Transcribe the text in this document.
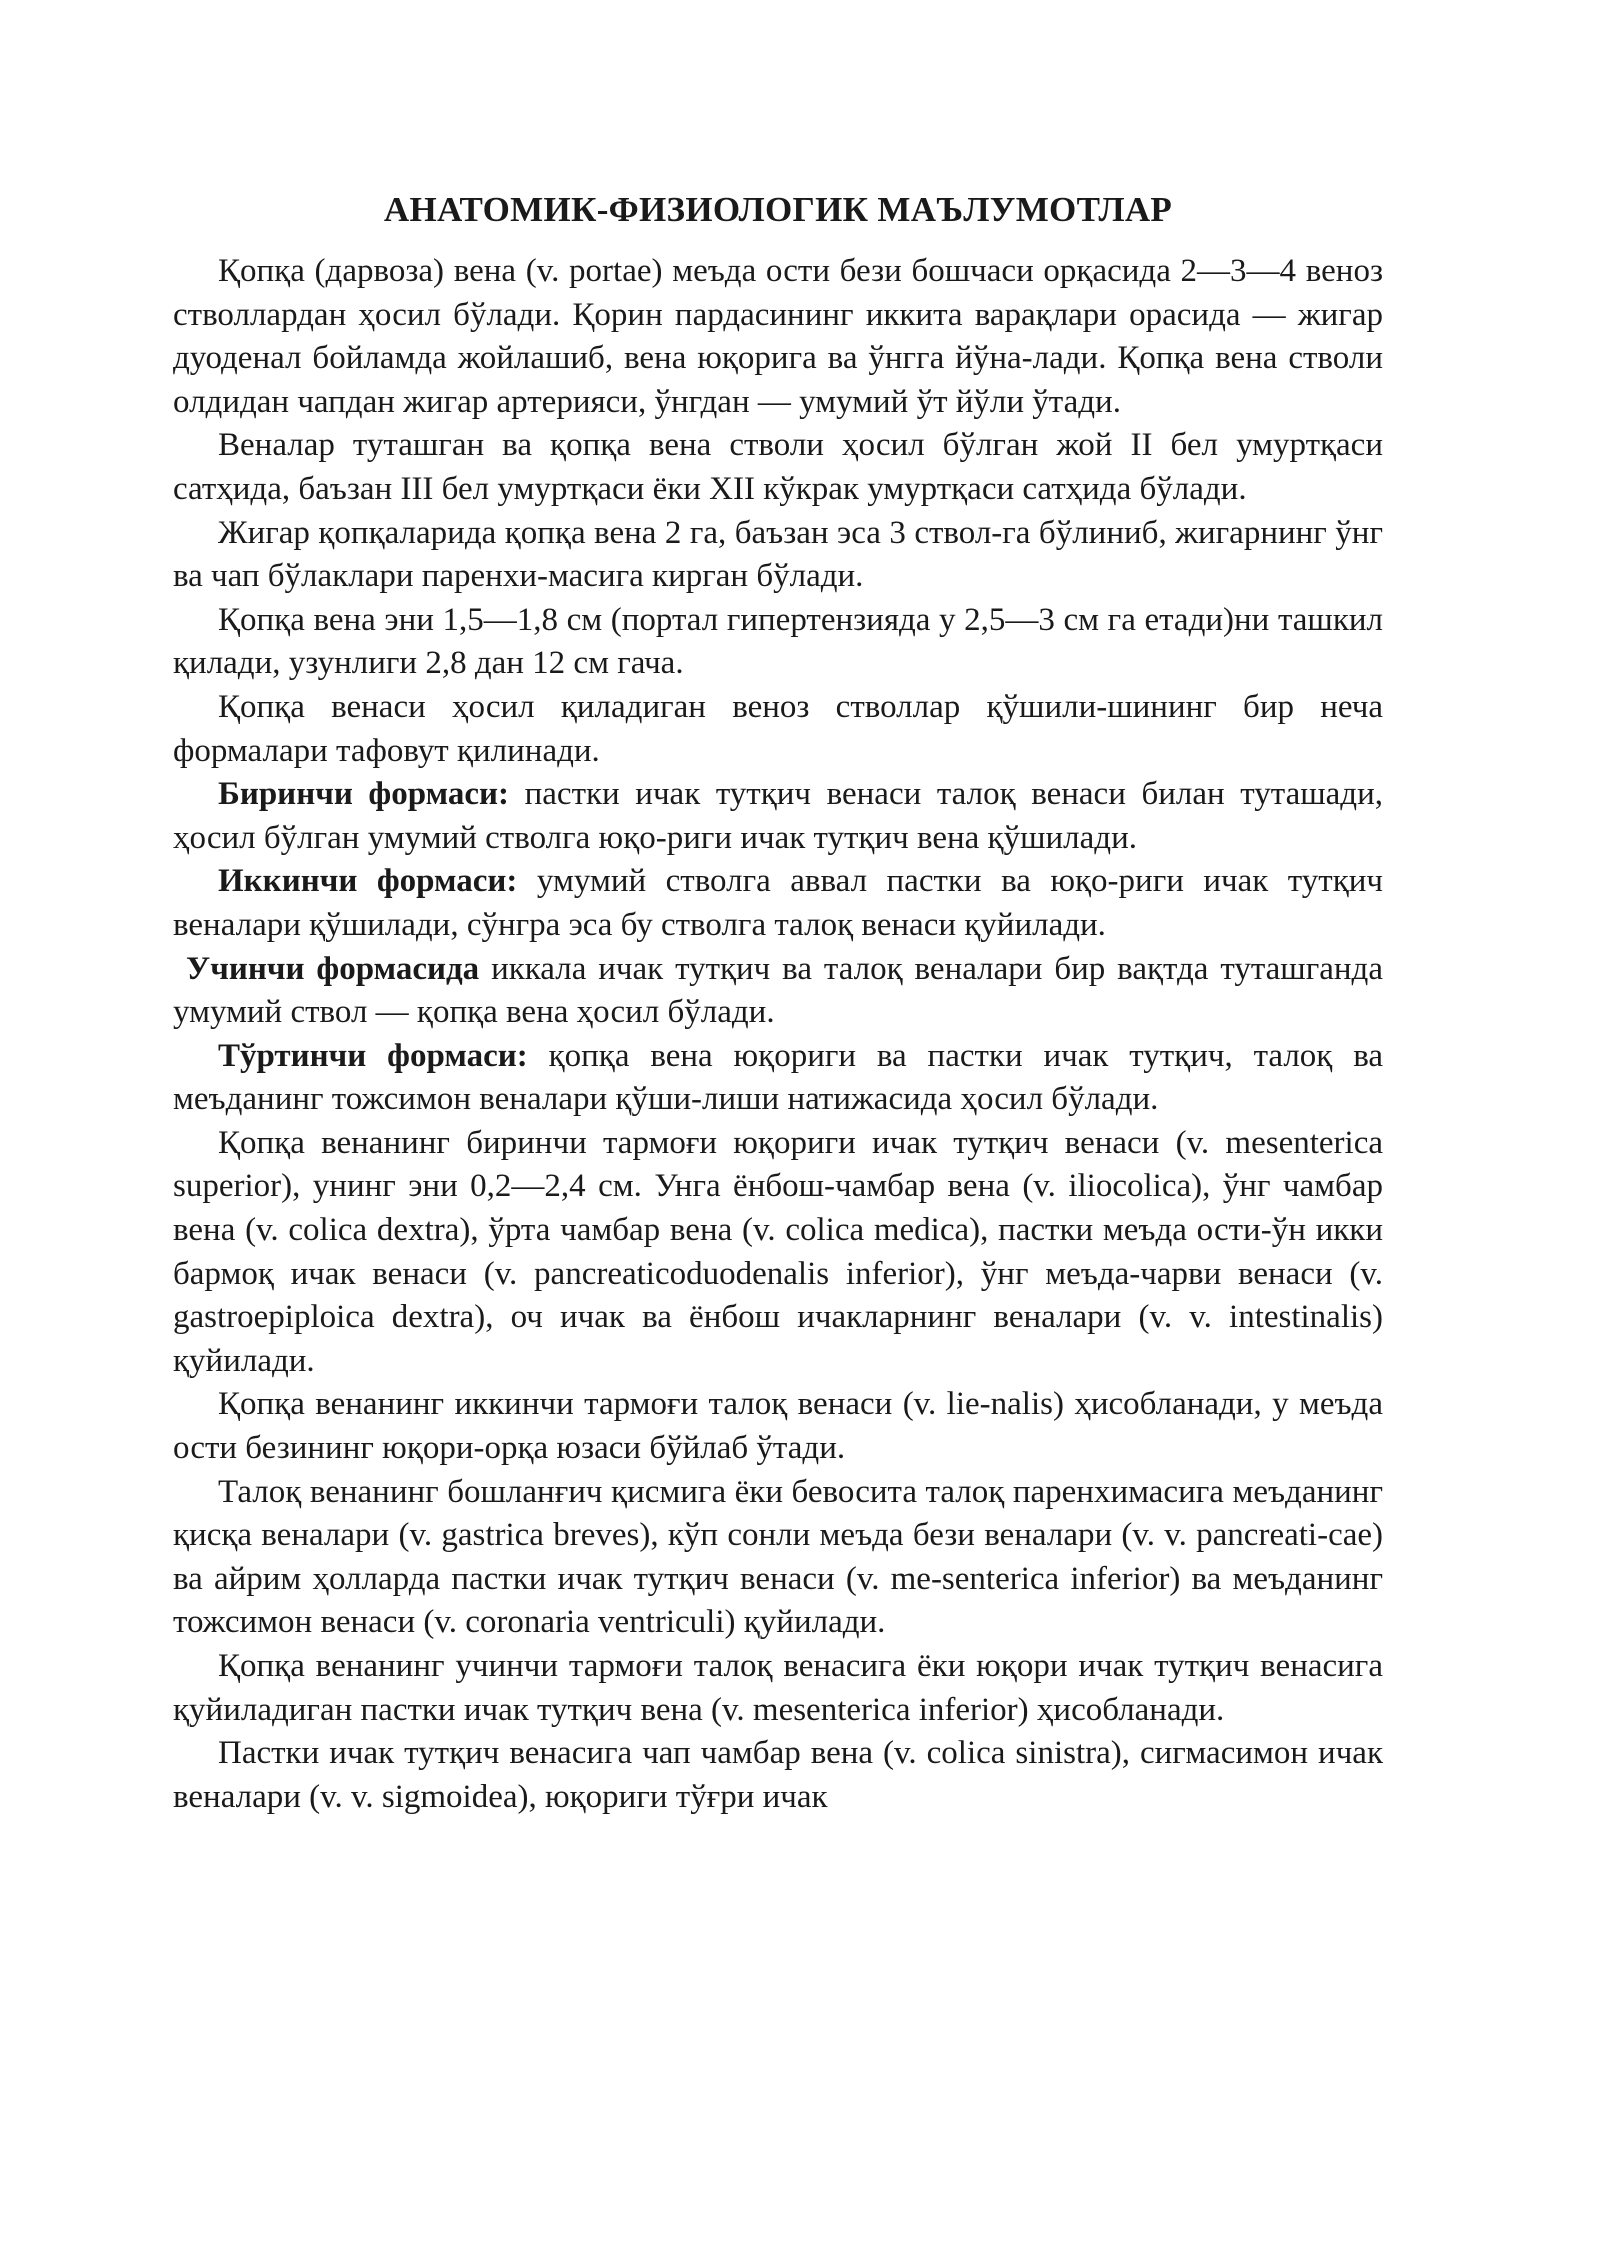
АНАТОМИК-ФИЗИОЛОГИК МАЪЛУМОТЛАР

Қопқа (дарвоза) вена (v. portae) меъда ости бези бошчаси орқасида 2—3—4 веноз стволлардан ҳосил бўлади. Қорин пардасининг иккита варақлари орасида — жигар дуоденал бойламда жойлашиб, вена юқорига ва ўнгга йўна-лади. Қопқа вена стволи олдидан чапдан жигар артерияси, ўнгдан — умумий ўт йўли ўтади.

Веналар туташган ва қопқа вена стволи ҳосил бўлган жой II бел умуртқаси сатҳида, баъзан III бел умуртқаси ёки XII кўкрак умуртқаси сатҳида бўлади.

Жигар қопқаларида қопқа вена 2 га, баъзан эса 3 ствол-га бўлиниб, жигарнинг ўнг ва чап бўлаклари паренхи-масига кирган бўлади.

Қопқа вена эни 1,5—1,8 см (портал гипертензияда у 2,5—3 см га етади)ни ташкил қилади, узунлиги 2,8 дан 12 см гача.

Қопқа венаси ҳосил қиладиган веноз стволлар қўшили-шининг бир неча формалари тафовут қилинади.

Биринчи формаси: пастки ичак тутқич венаси талоқ венаси билан туташади, ҳосил бўлган умумий стволга юқо-риги ичак тутқич вена қўшилади.

Иккинчи формаси: умумий стволга аввал пастки ва юқо-риги ичак тутқич веналари қўшилади, сўнгра эса бу стволга талоқ венаси қуйилади.

Учинчи формасида иккала ичак тутқич ва талоқ веналари бир вақтда туташганда умумий ствол — қопқа вена ҳосил бўлади.

Тўртинчи формаси: қопқа вена юқориги ва пастки ичак тутқич, талоқ ва меъданинг тожсимон веналари қўши-лиши натижасида ҳосил бўлади.

Қопқа венанинг биринчи тармоғи юқориги ичак тутқич венаси (v. mesenterica superior), унинг эни 0,2—2,4 см. Унга ёнбош-чамбар вена (v. iliocolica), ўнг чамбар вена (v. colica dextra), ўрта чамбар вена (v. colica medica), пастки меъда ости-ўн икки бармоқ ичак венаси (v. pancreaticoduodenalis inferior), ўнг меъда-чарви венаси (v. gastroepiploica dextra), оч ичак ва ёнбош ичакларнинг веналари (v. v. intestinalis) қуйилади.

Қопқа венанинг иккинчи тармоғи талоқ венаси (v. lie-nalis) ҳисобланади, у меъда ости безининг юқори-орқа юзаси бўйлаб ўтади.

Талоқ венанинг бошланғич қисмига ёки бевосита талоқ паренхимасига меъданинг қисқа веналари (v. gastrica breves), кўп сонли меъда бези веналари (v. v. pancreati-cae) ва айрим ҳолларда пастки ичак тутқич венаси (v. me-senterica inferior) ва меъданинг тожсимон венаси (v. coronaria ventriculi) қуйилади.

Қопқа венанинг учинчи тармоғи талоқ венасига ёки юқори ичак тутқич венасига қуйиладиган пастки ичак тутқич вена (v. mesenterica inferior) ҳисобланади.

Пастки ичак тутқич венасига чап чамбар вена (v. colica sinistra), сигмасимон ичак веналари (v. v. sigmoidea), юқориги тўғри ичак
